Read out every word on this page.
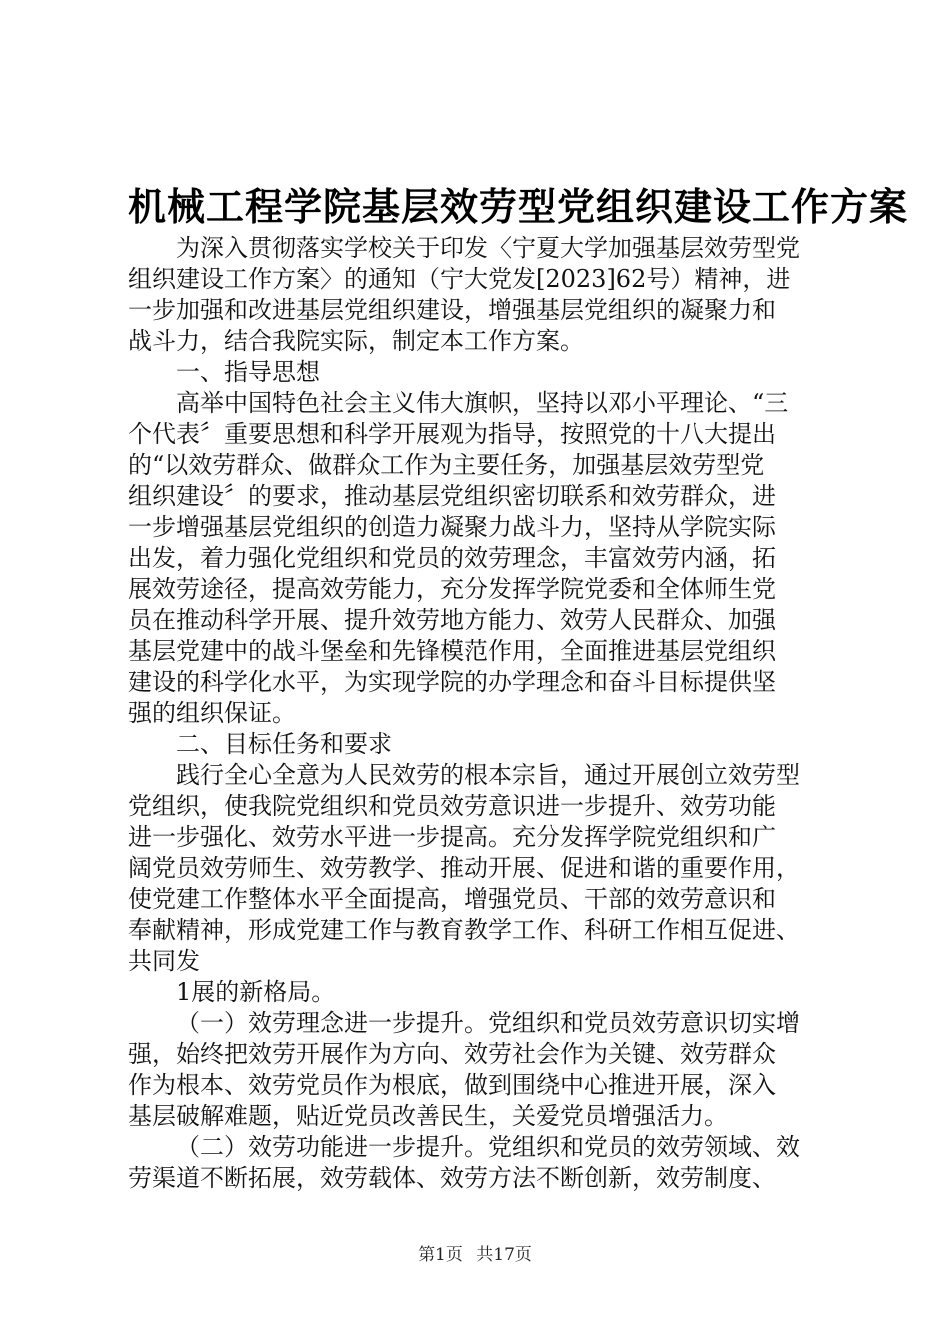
机械工程学院基层效劳型党组织建设工作方案
为深入贯彻落实学校关于印发〈宁夏大学加强基层效劳型党
组织建设工作方案〉的通知（宁大党发[2023]62号）精神，进
一步加强和改进基层党组织建设，增强基层党组织的凝聚力和
战斗力，结合我院实际，制定本工作方案。
一、指导思想
高举中国特色社会主义伟大旗帜，坚持以邓小平理论、“三
个代表〞重要思想和科学开展观为指导，按照党的十八大提出
的“以效劳群众、做群众工作为主要任务，加强基层效劳型党
组织建设〞的要求，推动基层党组织密切联系和效劳群众，进
一步增强基层党组织的创造力凝聚力战斗力，坚持从学院实际
出发，着力强化党组织和党员的效劳理念，丰富效劳内涵，拓
展效劳途径，提高效劳能力，充分发挥学院党委和全体师生党
员在推动科学开展、提升效劳地方能力、效劳人民群众、加强
基层党建中的战斗堡垒和先锋模范作用，全面推进基层党组织
建设的科学化水平，为实现学院的办学理念和奋斗目标提供坚
强的组织保证。
二、目标任务和要求
践行全心全意为人民效劳的根本宗旨，通过开展创立效劳型
党组织，使我院党组织和党员效劳意识进一步提升、效劳功能
进一步强化、效劳水平进一步提高。充分发挥学院党组织和广
阔党员效劳师生、效劳教学、推动开展、促进和谐的重要作用，
使党建工作整体水平全面提高，增强党员、干部的效劳意识和
奉献精神，形成党建工作与教育教学工作、科研工作相互促进、
共同发
1展的新格局。
（一）效劳理念进一步提升。党组织和党员效劳意识切实增
强，始终把效劳开展作为方向、效劳社会作为关键、效劳群众
作为根本、效劳党员作为根底，做到围绕中心推进开展，深入
基层破解难题，贴近党员改善民生，关爱党员增强活力。
（二）效劳功能进一步提升。党组织和党员的效劳领域、效
劳渠道不断拓展，效劳载体、效劳方法不断创新，效劳制度、
第1页 共17页
